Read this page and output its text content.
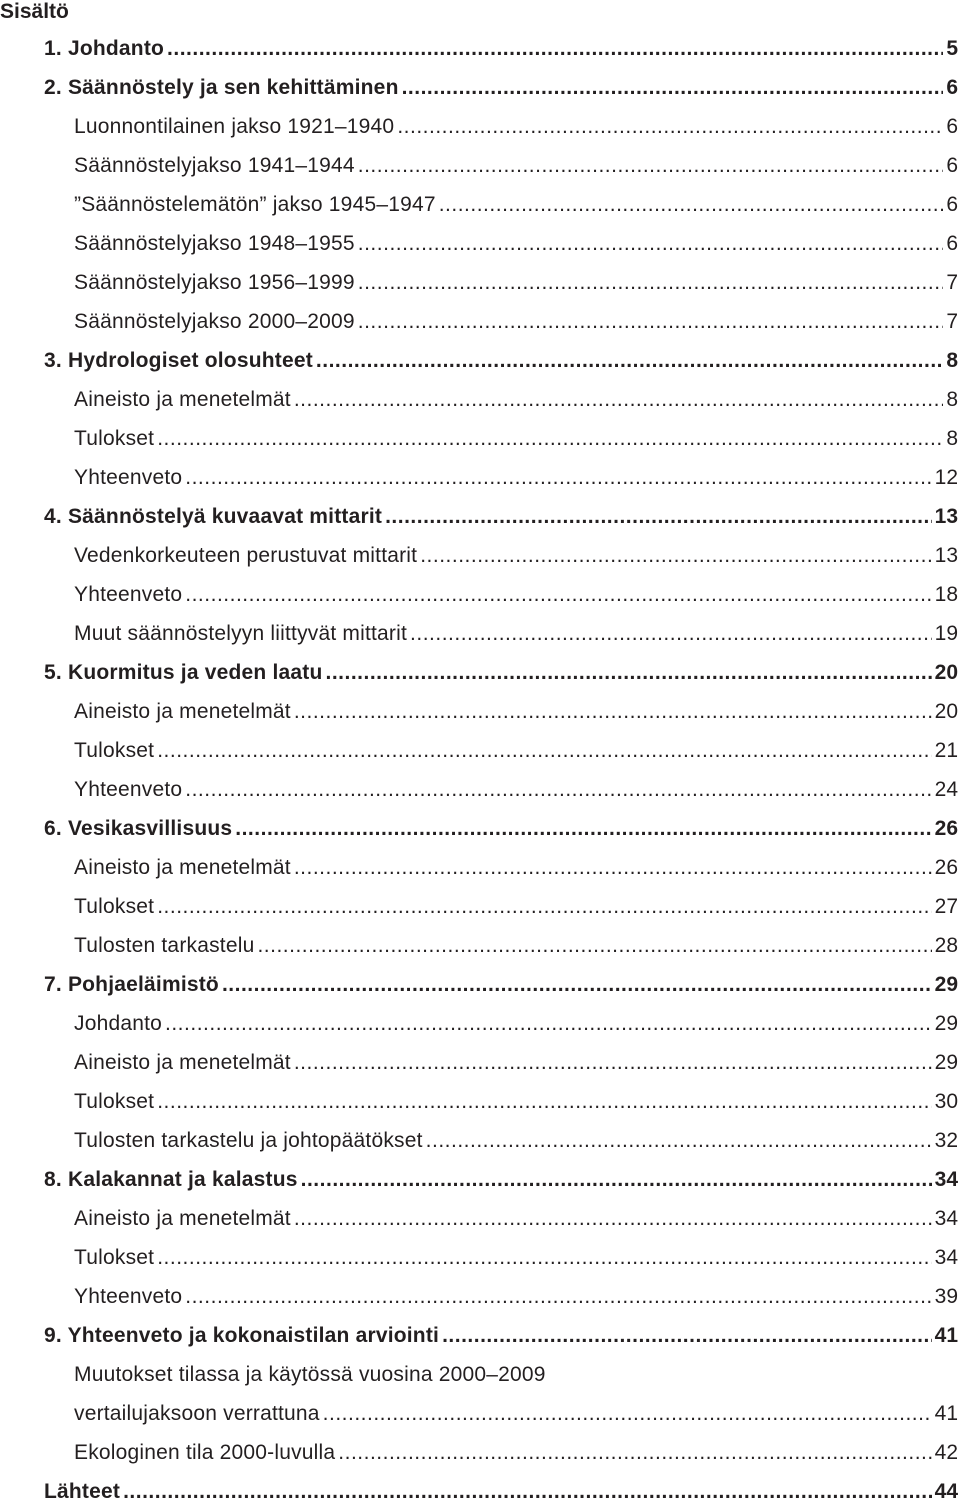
Sisältö
1. Johdanto .....	5
2. Säännöstely ja sen kehittäminen .....	6
Luonnontilainen jakso 1921–1940 .....	6
Säännöstelyjakso 1941–1944 .....	6
”Säännöstelemätön” jakso 1945–1947 .....	6
Säännöstelyjakso 1948–1955 .....	6
Säännöstelyjakso 1956–1999 .....	7
Säännöstelyjakso 2000–2009 .....	7
3. Hydrologiset olosuhteet .....	8
Aineisto ja menetelmät .....	8
Tulokset .....	8
Yhteenveto .....	12
4. Säännöstelyä kuvaavat mittarit .....	13
Vedenkorkeuteen perustuvat mittarit .....	13
Yhteenveto .....	18
Muut säännöstelyyn liittyvät mittarit .....	19
5. Kuormitus ja veden laatu .....	20
Aineisto ja menetelmät .....	20
Tulokset .....	21
Yhteenveto .....	24
6. Vesikasvillisuus .....	26
Aineisto ja menetelmät .....	26
Tulokset .....	27
Tulosten tarkastelu .....	28
7. Pohjaeläimistö .....	29
Johdanto .....	29
Aineisto ja menetelmät .....	29
Tulokset .....	30
Tulosten tarkastelu ja johtopäätökset .....	32
8. Kalakannat ja kalastus .....	34
Aineisto ja menetelmät .....	34
Tulokset .....	34
Yhteenveto .....	39
9. Yhteenveto ja kokonaistilan arviointi .....	41
Muutokset tilassa ja käytössä vuosina 2000–2009
vertailujaksoon verrattuna .....	41
Ekologinen tila 2000-luvulla .....	42
Lähteet .....	44
